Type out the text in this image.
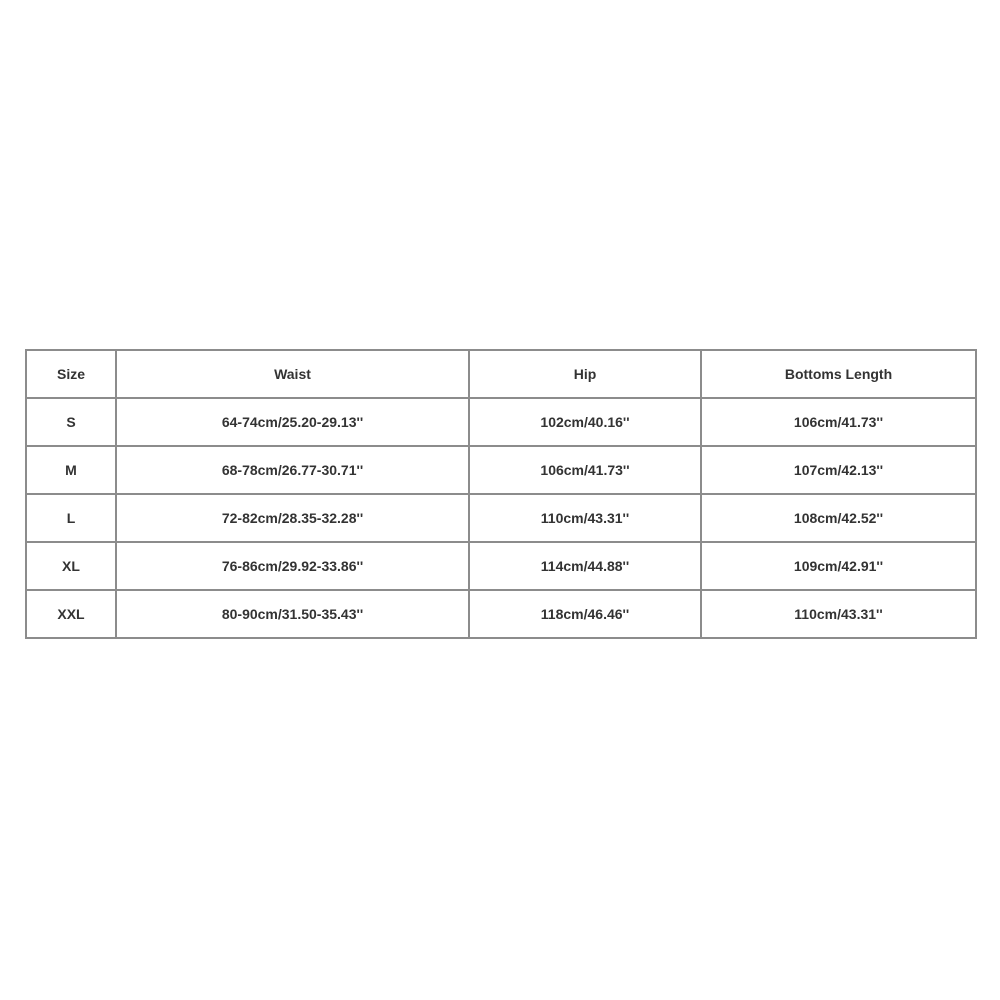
Size	Waist	Hip	Bottoms Length
S	64-74cm/25.20-29.13''	102cm/40.16''	106cm/41.73''
M	68-78cm/26.77-30.71''	106cm/41.73''	107cm/42.13''
L	72-82cm/28.35-32.28''	110cm/43.31''	108cm/42.52''
XL	76-86cm/29.92-33.86''	114cm/44.88''	109cm/42.91''
XXL	80-90cm/31.50-35.43''	118cm/46.46''	110cm/43.31''
